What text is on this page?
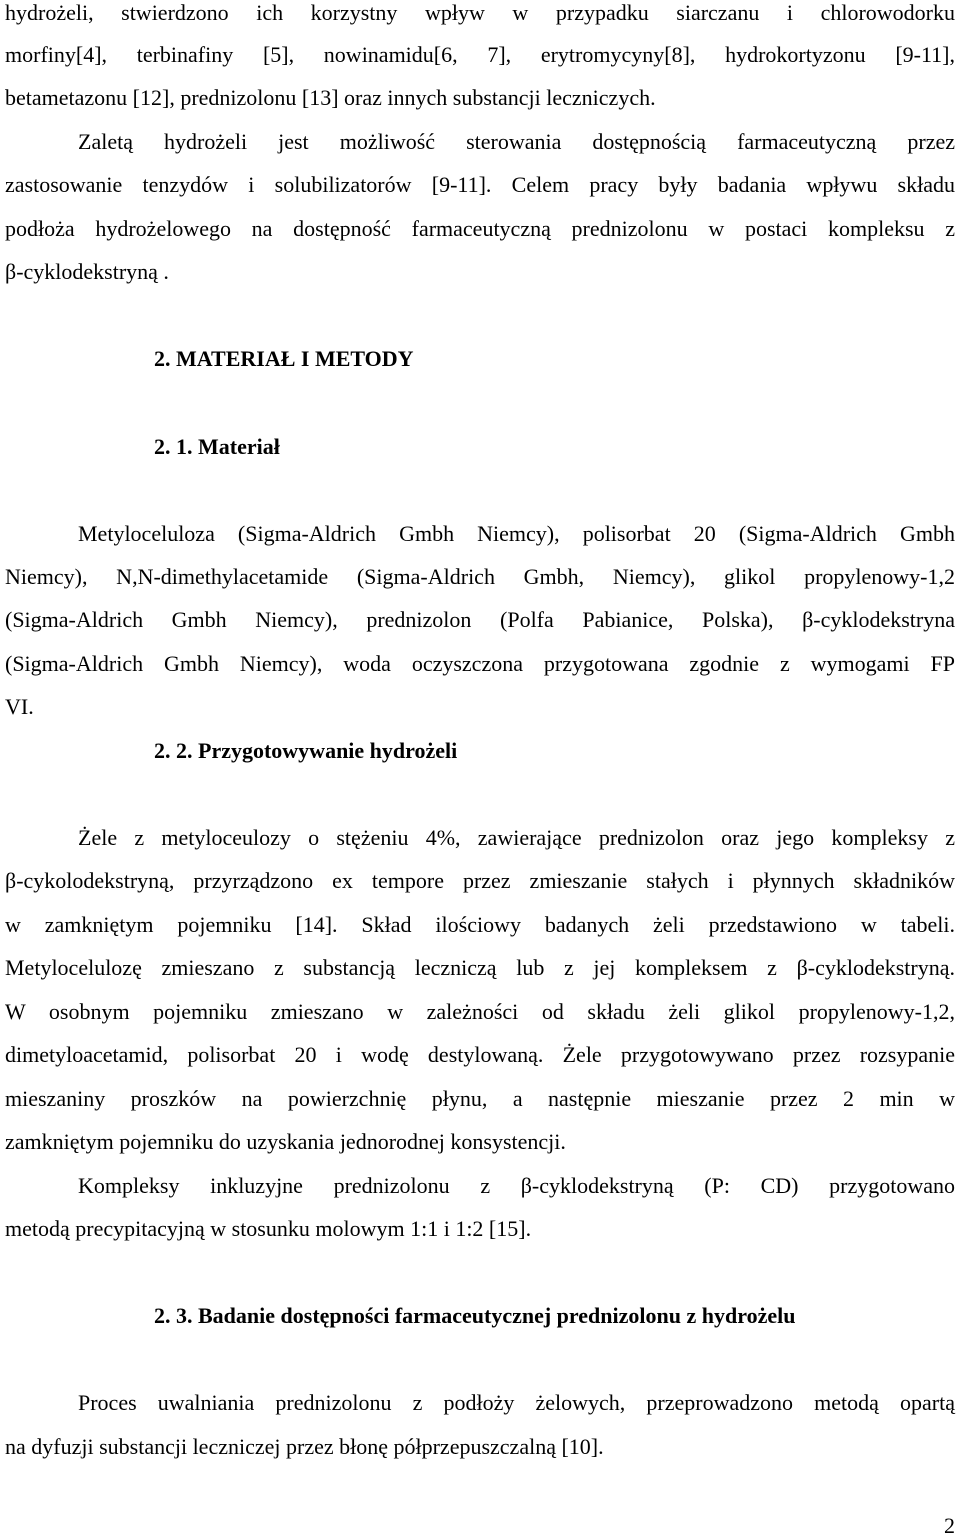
hydrożeli, stwierdzono ich korzystny wpływ w przypadku siarczanu i chlorowodorku
morfiny[4], terbinafiny [5], nowinamidu[6, 7], erytromycyny[8], hydrokortyzonu [9-11],
betametazonu [12], prednizolonu [13] oraz innych substancji leczniczych.
Zaletą hydrożeli jest możliwość sterowania dostępnością farmaceutyczną przez
zastosowanie tenzydów i solubilizatorów [9-11]. Celem pracy były badania wpływu składu
podłoża hydrożelowego na dostępność farmaceutyczną prednizolonu w postaci kompleksu z
β-cyklodekstryną .
2. MATERIAŁ I METODY
2. 1. Materiał
Metyloceluloza (Sigma-Aldrich Gmbh Niemcy), polisorbat 20 (Sigma-Aldrich Gmbh
Niemcy), N,N-dimethylacetamide (Sigma-Aldrich Gmbh, Niemcy), glikol propylenowy-1,2
(Sigma-Aldrich Gmbh Niemcy), prednizolon (Polfa Pabianice, Polska), β-cyklodekstryna
(Sigma-Aldrich Gmbh Niemcy), woda oczyszczona przygotowana zgodnie z wymogami FP
VI.
2. 2. Przygotowywanie hydrożeli
Żele z metyloceulozy o stężeniu 4%, zawierające prednizolon oraz jego kompleksy z
β-cykolodekstryną, przyrządzono ex tempore przez zmieszanie stałych i płynnych składników
w zamkniętym pojemniku [14]. Skład ilościowy badanych żeli przedstawiono w tabeli.
Metylocelulozę zmieszano z substancją leczniczą lub z jej kompleksem z β-cyklodekstryną.
W osobnym pojemniku zmieszano w zależności od składu żeli glikol propylenowy-1,2,
dimetyloacetamid, polisorbat 20 i wodę destylowaną. Żele przygotowywano przez rozsypanie
mieszaniny proszków na powierzchnię płynu, a następnie mieszanie przez 2 min w
zamkniętym pojemniku do uzyskania jednorodnej konsystencji.
Kompleksy inkluzyjne prednizolonu z β-cyklodekstryną (P: CD) przygotowano
metodą precypitacyjną w stosunku molowym 1:1 i 1:2 [15].
2. 3. Badanie dostępności farmaceutycznej prednizolonu z hydrożelu
Proces uwalniania prednizolonu z podłoży żelowych, przeprowadzono metodą opartą
na dyfuzji substancji leczniczej przez błonę półprzepuszczalną [10].
2
